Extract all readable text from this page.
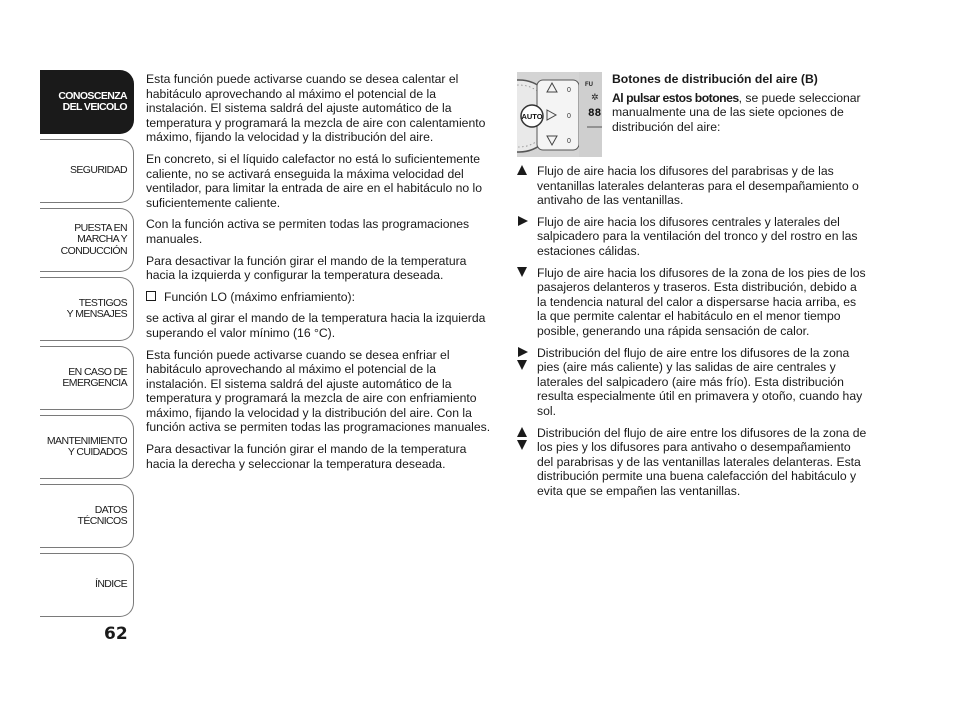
CONOSCENZA
DEL VEICOLO
SEGURIDAD
PUESTA EN
MARCHA Y
CONDUCCIÓN
TESTIGOS
Y MENSAJES
EN CASO DE
EMERGENCIA
MANTENIMIENTO
Y CUIDADOS
DATOS
TÉCNICOS
ÍNDICE
62

Esta función puede activarse cuando se desea calentar el habitáculo aprovechando al máximo el potencial de la instalación. El sistema saldrá del ajuste automático de la temperatura y programará la mezcla de aire con calentamiento máximo, fijando la velocidad y la distribución del aire.

En concreto, si el líquido calefactor no está lo suficientemente caliente, no se activará enseguida la máxima velocidad del ventilador, para limitar la entrada de aire en el habitáculo no lo suficientemente caliente.

Con la función activa se permiten todas las programaciones manuales.

Para desactivar la función girar el mando de la temperatura hacia la izquierda y configurar la temperatura deseada.

Función LO (máximo enfriamiento):

se activa al girar el mando de la temperatura hacia la izquierda superando el valor mínimo (16 °C).

Esta función puede activarse cuando se desea enfriar el habitáculo aprovechando al máximo el potencial de la instalación. El sistema saldrá del ajuste automático de la temperatura y programará la mezcla de aire con enfriamiento máximo, fijando la velocidad y la distribución del aire. Con la función activa se permiten todas las programaciones manuales.

Para desactivar la función girar el mando de la temperatura hacia la derecha y seleccionar la temperatura deseada.

AUTO
0
0
0
FU
✲
88
Botones de distribución del aire (B)
Al pulsar estos botones, se puede seleccionar manualmente una de las siete opciones de distribución del aire:
Flujo de aire hacia los difusores del parabrisas y de las ventanillas laterales delanteras para el desempañamiento o antivaho de las ventanillas.
Flujo de aire hacia los difusores centrales y laterales del salpicadero para la ventilación del tronco y del rostro en las estaciones cálidas.
Flujo de aire hacia los difusores de la zona de los pies de los pasajeros delanteros y traseros. Esta distribución, debido a la tendencia natural del calor a dispersarse hacia arriba, es la que permite calentar el habitáculo en el menor tiempo posible, generando una rápida sensación de calor.
Distribución del flujo de aire entre los difusores de la zona pies (aire más caliente) y las salidas de aire centrales y laterales del salpicadero (aire más frío). Esta distribución resulta especialmente útil en primavera y otoño, cuando hay sol.
Distribución del flujo de aire entre los difusores de la zona de los pies y los difusores para antivaho o desempañamiento del parabrisas y de las ventanillas laterales delanteras. Esta distribución permite una buena calefacción del habitáculo y evita que se empañen las ventanillas.
